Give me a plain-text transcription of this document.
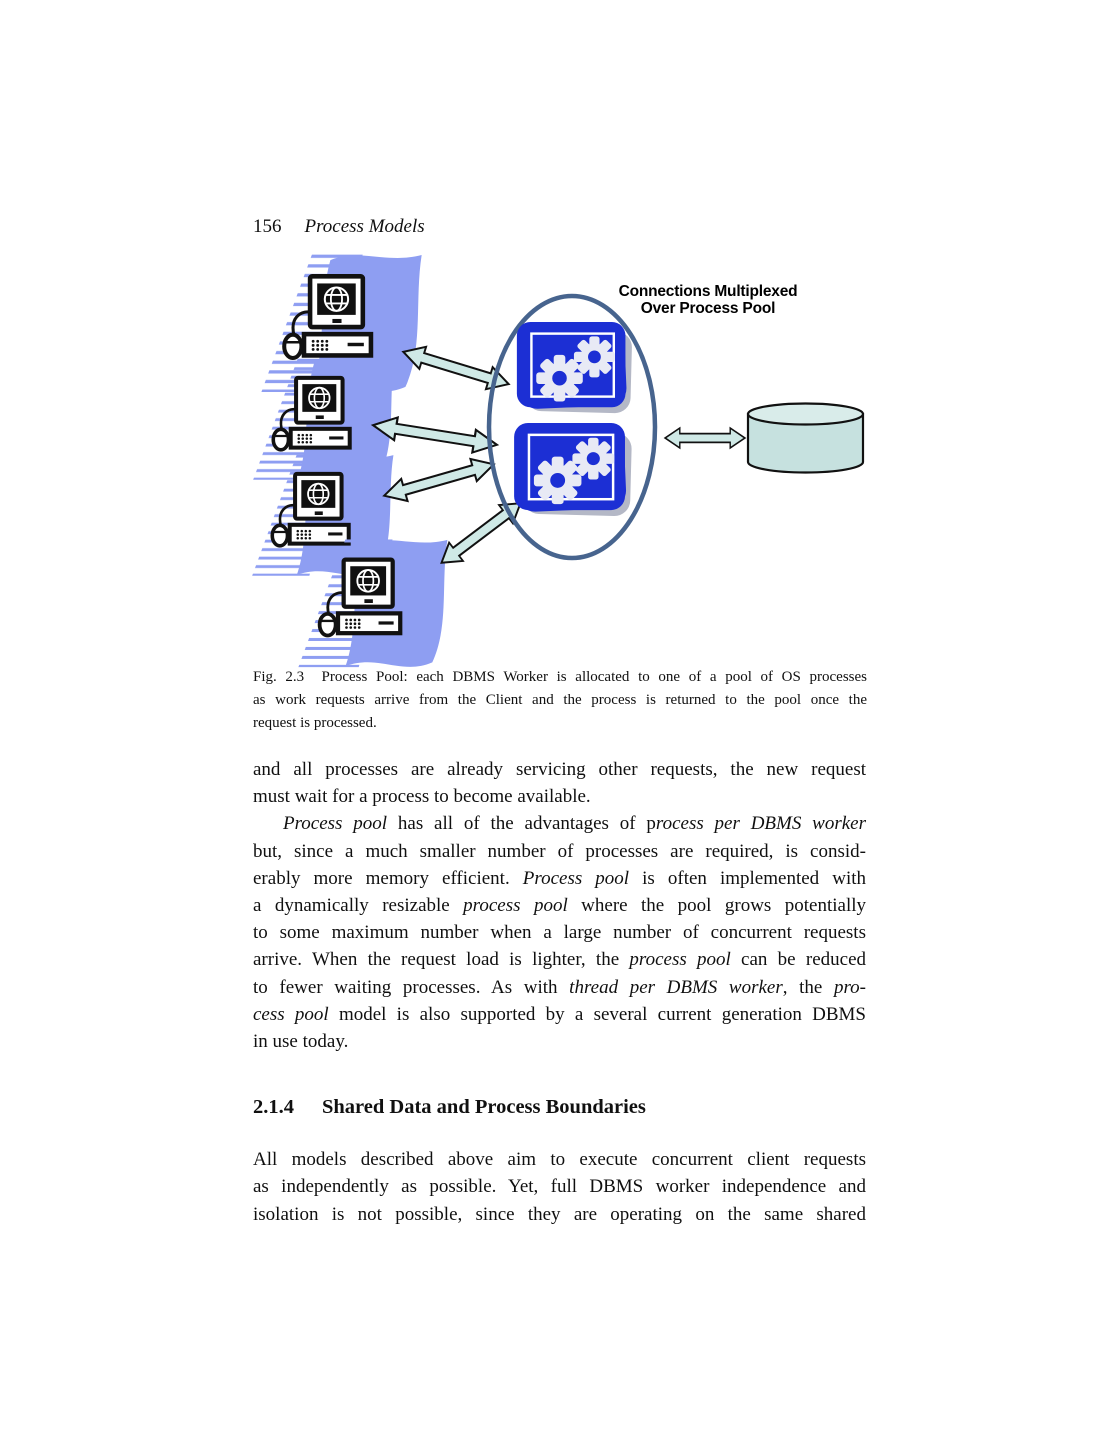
156 Process Models
Connections Multiplexed
Over Process Pool
Fig. 2.3  Process Pool: each DBMS Worker is allocated to one of a pool of OS processes
as work requests arrive from the Client and the process is returned to the pool once the
request is processed.
and all processes are already servicing other requests, the new request
must wait for a process to become available.
Process pool has all of the advantages of process per DBMS worker
but, since a much smaller number of processes are required, is consid-
erably more memory efficient. Process pool is often implemented with
a dynamically resizable process pool where the pool grows potentially
to some maximum number when a large number of concurrent requests
arrive. When the request load is lighter, the process pool can be reduced
to fewer waiting processes. As with thread per DBMS worker, the pro-
cess pool model is also supported by a several current generation DBMS
in use today.
2.1.4 Shared Data and Process Boundaries
All models described above aim to execute concurrent client requests
as independently as possible. Yet, full DBMS worker independence and
isolation is not possible, since they are operating on the same shared
